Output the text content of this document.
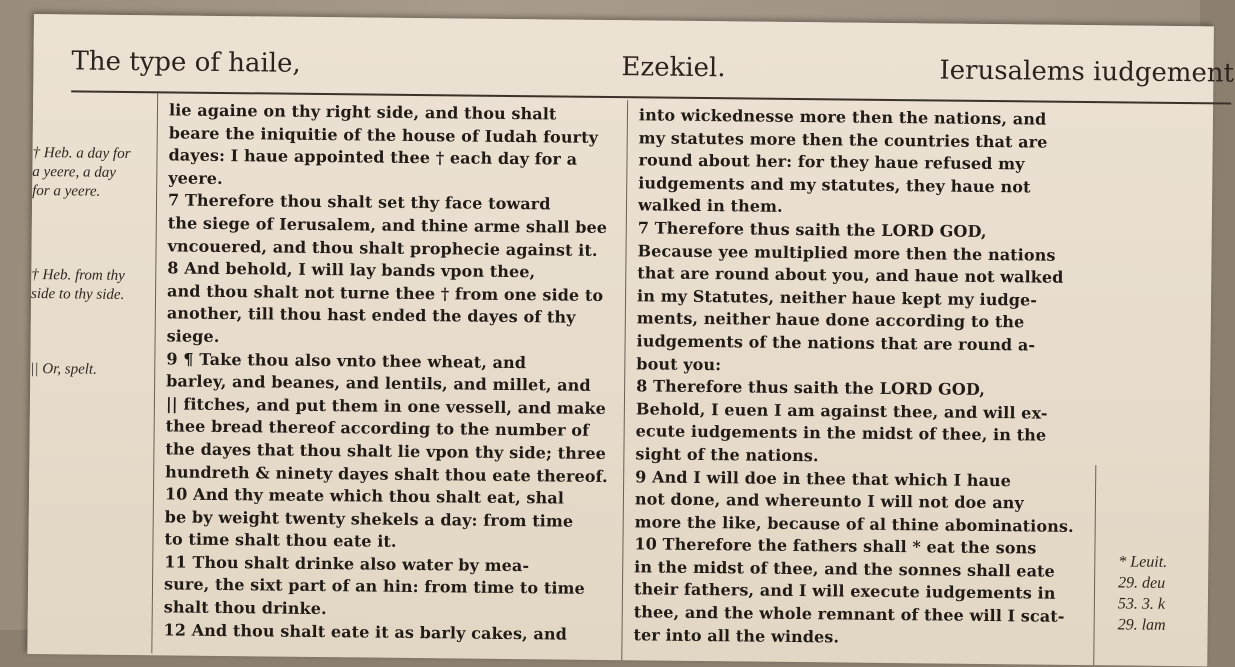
The type of haile,	Ezekiel.	Ierusalems iudgement
† Heb. a day for
a yeere, a day
for a yeere.
† Heb. from thy
side to thy side.
|| Or, spelt.
* Leuit.
29. deu
53. 3. k
29. lam
lie againe on thy right side, and thou shalt
beare the iniquitie of the house of Iudah fourty
dayes: I haue appointed thee † each day for a
yeere.
7 Therefore thou shalt set thy face toward
the siege of Ierusalem, and thine arme shall bee
vncouered, and thou shalt prophecie against it.
8 And behold, I will lay bands vpon thee,
and thou shalt not turne thee † from one side to
another, till thou hast ended the dayes of thy
siege.
9 ¶ Take thou also vnto thee wheat, and
barley, and beanes, and lentils, and millet, and
|| fitches, and put them in one vessell, and make
thee bread thereof according to the number of
the dayes that thou shalt lie vpon thy side; three
hundreth & ninety dayes shalt thou eate thereof.
10 And thy meate which thou shalt eat, shal
be by weight twenty shekels a day: from time
to time shalt thou eate it.
11 Thou shalt drinke also water by mea-
sure, the sixt part of an hin: from time to time
shalt thou drinke.
12 And thou shalt eate it as barly cakes, and
into wickednesse more then the nations, and
my statutes more then the countries that are
round about her: for they haue refused my
iudgements and my statutes, they haue not
walked in them.
7 Therefore thus saith the LORD GOD,
Because yee multiplied more then the nations
that are round about you, and haue not walked
in my Statutes, neither haue kept my iudge-
ments, neither haue done according to the
iudgements of the nations that are round a-
bout you:
8 Therefore thus saith the LORD GOD,
Behold, I euen I am against thee, and will ex-
ecute iudgements in the midst of thee, in the
sight of the nations.
9 And I will doe in thee that which I haue
not done, and whereunto I will not doe any
more the like, because of al thine abominations.
10 Therefore the fathers shall * eat the sons
in the midst of thee, and the sonnes shall eate
their fathers, and I will execute iudgements in
thee, and the whole remnant of thee will I scat-
ter into all the windes.
